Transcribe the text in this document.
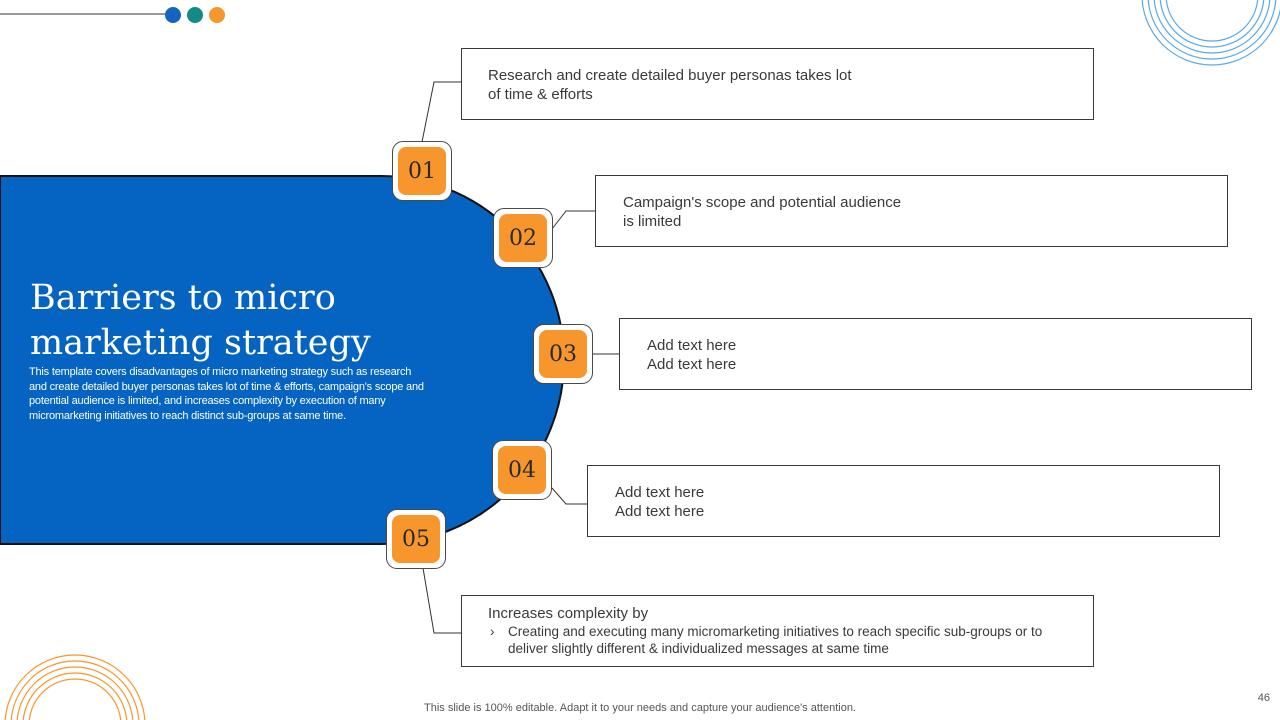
Barriers to micro
marketing strategy

This template covers disadvantages of micro marketing strategy such as research and create detailed buyer personas takes lot of time & efforts, campaign's scope and potential audience is limited, and increases complexity by execution of many micromarketing initiatives to reach distinct sub-groups at same time.

Research and create detailed buyer personas takes lot
of time & efforts
Campaign's scope and potential audience
is limited
Add text here
Add text here
Add text here
Add text here
Increases complexity by
› Creating and executing many micromarketing initiatives to reach specific sub-groups or to
deliver slightly different & individualized messages at same time
01
02
03
04
05
This slide is 100% editable. Adapt it to your needs and capture your audience's attention.
46
